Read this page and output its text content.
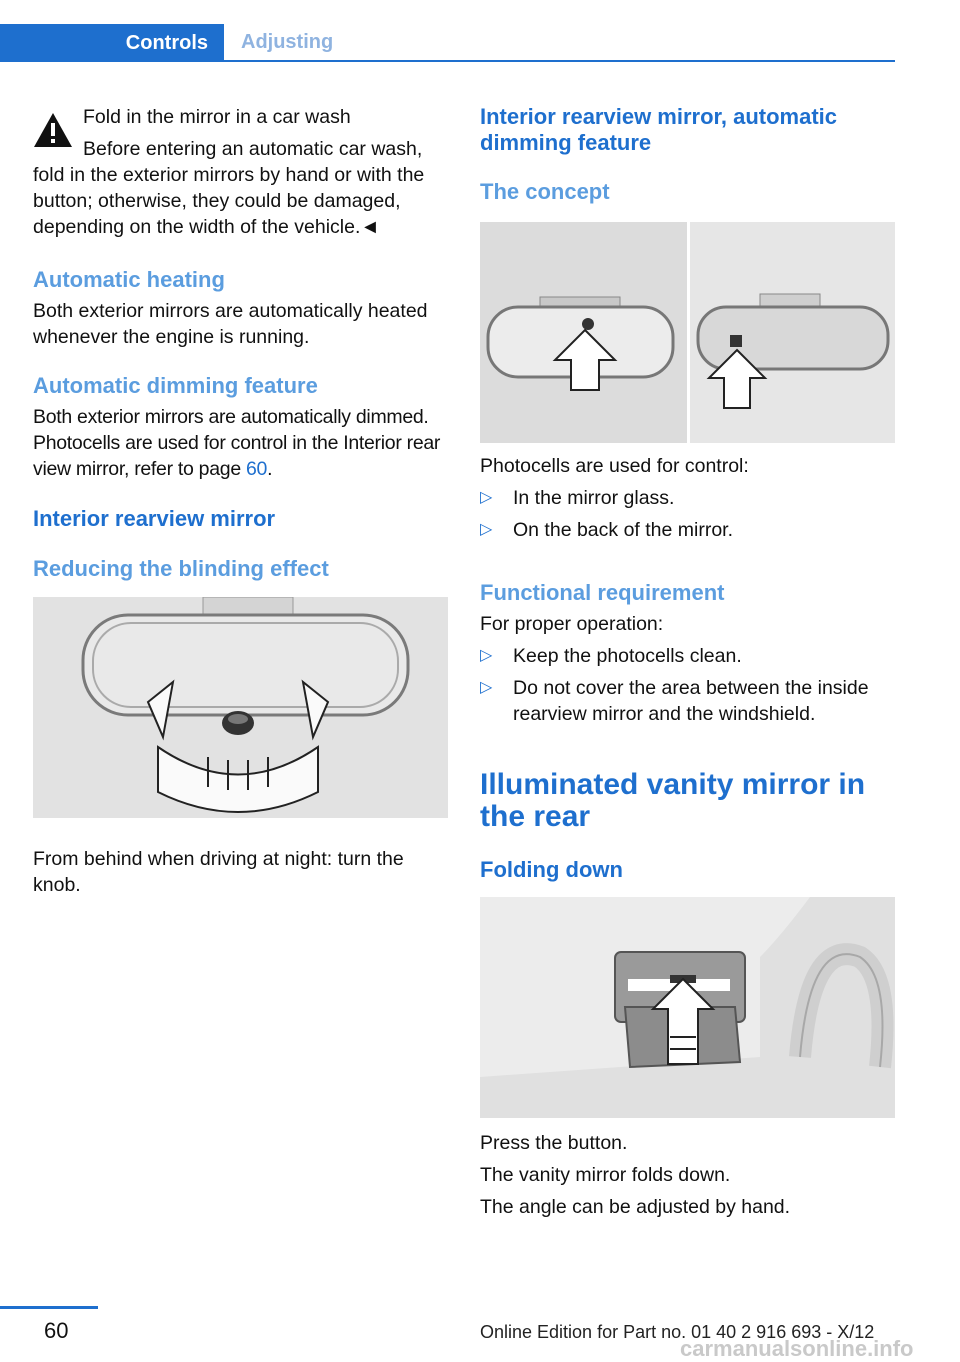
Controls	Adjusting

Fold in the mirror in a car wash

Before entering an automatic car wash,

fold in the exterior mirrors by hand or with the button; otherwise, they could be damaged, depending on the width of the vehicle.◄

Automatic heating

Both exterior mirrors are automatically heated whenever the engine is running.

Automatic dimming feature

Both exterior mirrors are automatically dimmed. Photocells are used for control in the Interior rear view mirror, refer to page 60.

Interior rearview mirror
Reducing the blinding effect

From behind when driving at night: turn the knob.

Interior rearview mirror, automatic dimming feature
The concept

Photocells are used for control:

▷ In the mirror glass.
▷ On the back of the mirror.
Functional requirement

For proper operation:

▷ Keep the photocells clean.
▷ Do not cover the area between the inside rearview mirror and the windshield.
Illuminated vanity mirror in the rear
Folding down

Press the button.

The vanity mirror folds down.

The angle can be adjusted by hand.

60	Online Edition for Part no. 01 40 2 916 693 - X/12
carmanualsonline.info
